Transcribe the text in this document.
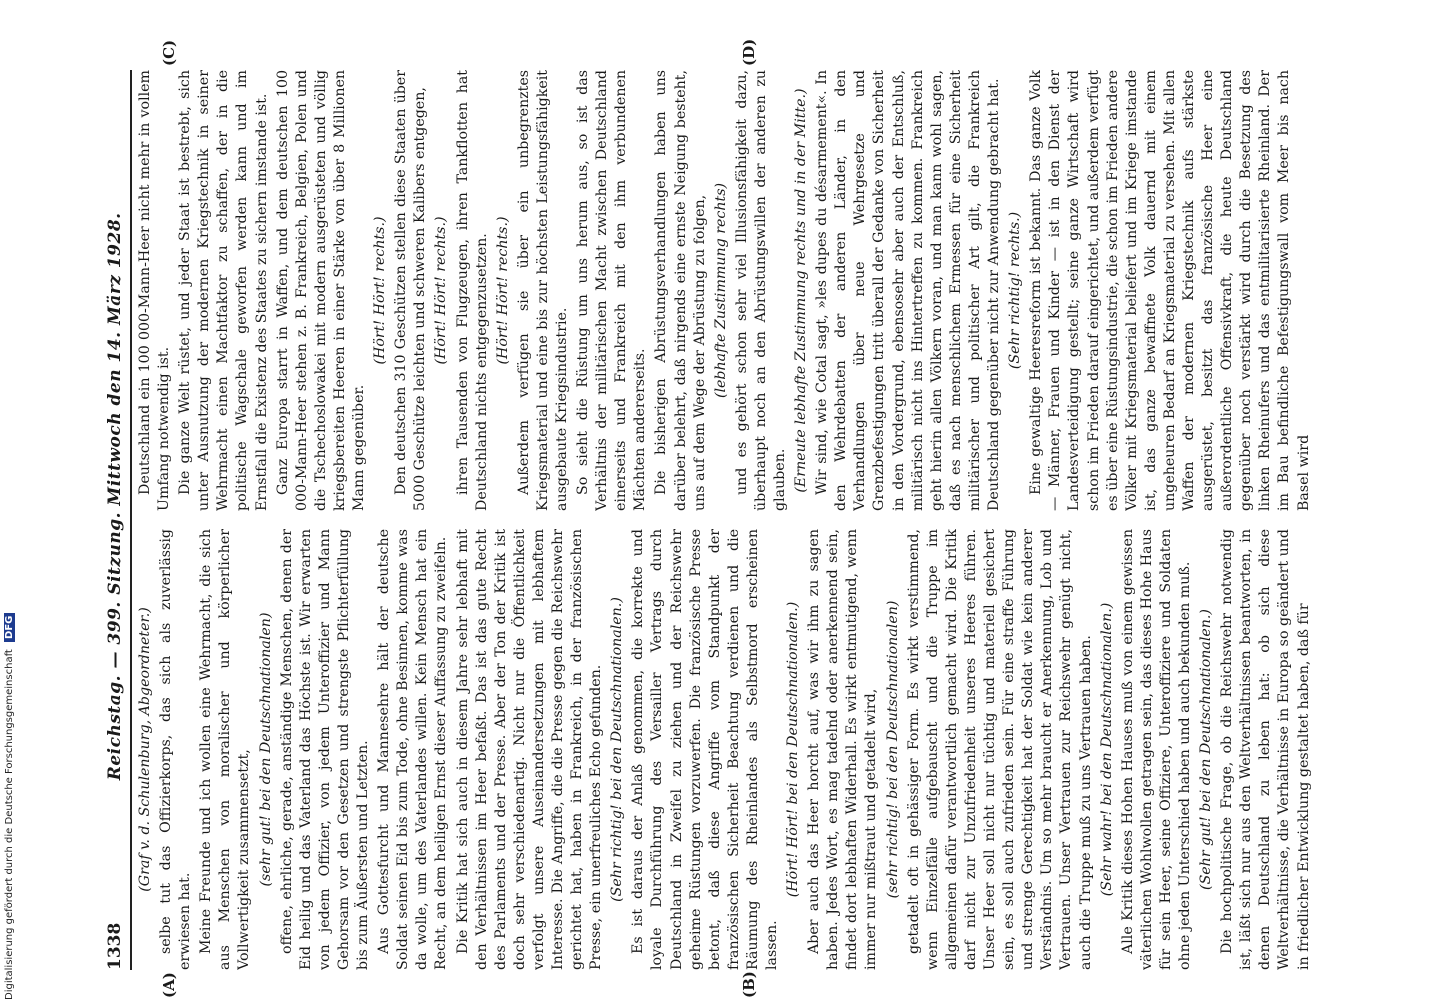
Digitalisierung gefördert durch die Deutsche Forschungsgemeinschaft DFG
1338
Reichstag. — 399. Sitzung. Mittwoch den 14. März 1928. (Graf v. d. Schulenburg, Abgeordneter.) selbe tut das Offizierkorps, das sich als zuverlässig erwiesen hat. Meine Freunde und ich wollen eine Wehrmacht, die sich aus Menschen von moralischer und körperlicher Vollwertigkeit zusammensetzt, (sehr gut! bei den Deutschnationalen) offene, ehrliche, gerade, anständige Menschen, denen der Eid heilig und das Vaterland das Höchste ist. Wir erwarten von jedem Offizier, von jedem Unteroffizier und Mann Gehorsam vor den Gesetzen und strengste Pflichterfüllung bis zum Äußersten und Letzten. Aus Gottesfurcht und Mannesehre hält der deutsche Soldat seinen Eid bis zum Tode, ohne Besinnen, komme was da wolle, um des Vaterlandes willen. Kein Mensch hat ein Recht, an dem heiligen Ernst dieser Auffassung zu zweifeln. Die Kritik hat sich auch in diesem Jahre sehr lebhaft mit den Verhältnissen im Heer befaßt. Das ist das gute Recht des Parlaments und der Presse. Aber der Ton der Kritik ist doch sehr verschiedenartig. Nicht nur die Öffentlichkeit verfolgt unsere Auseinandersetzungen mit lebhaftem Interesse. Die Angriffe, die die Presse gegen die Reichswehr gerichtet hat, haben in Frankreich, in der französischen Presse, ein unerfreuliches Echo gefunden. (Sehr richtig! bei den Deutschnationalen.) Es ist daraus der Anlaß genommen, die korrekte und loyale Durchführung des Versailler Vertrags durch Deutschland in Zweifel zu ziehen und der Reichswehr geheime Rüstungen vorzuwerfen. Die französische Presse betont, daß diese Angriffe vom Standpunkt der französischen Sicherheit Beachtung verdienen und die Räumung des Rheinlandes als Selbstmord erscheinen lassen.

(Hört! Hört! bei den Deutschnationalen.) Aber auch das Heer horcht auf, was wir ihm zu sagen haben. Jedes Wort, es mag tadelnd oder anerkennend sein, findet dort lebhaften Widerhall. Es wirkt entmutigend, wenn immer nur mißtraut und getadelt wird, (sehr richtig! bei den Deutschnationalen) getadelt oft in gehässiger Form. Es wirkt verstimmend, wenn Einzelfälle aufgebauscht und die Truppe im allgemeinen dafür verantwortlich gemacht wird. Die Kritik darf nicht zur Unzufriedenheit unseres Heeres führen. Unser Heer soll nicht nur tüchtig und materiell gesichert sein, es soll auch zufrieden sein. Für eine straffe Führung und strenge Gerechtigkeit hat der Soldat wie kein anderer Verständnis. Um so mehr braucht er Anerkennung, Lob und Vertrauen. Unser Vertrauen zur Reichswehr genügt nicht, auch die Truppe muß zu uns Vertrauen haben. (Sehr wahr! bei den Deutschnationalen.) Alle Kritik dieses Hohen Hauses muß von einem gewissen väterlichen Wohlwollen getragen sein, das dieses Hohe Haus für sein Heer, seine Offiziere, Unteroffiziere und Soldaten ohne jeden Unterschied haben und auch bekunden muß. (Sehr gut! bei den Deutschnationalen.) Die hochpolitische Frage, ob die Reichswehr notwendig ist, läßt sich nur aus den Weltverhältnissen beantworten, in denen Deutschland zu leben hat: ob sich diese Weltverhältnisse, die Verhältnisse in Europa so geändert und in friedlicher Entwicklung gestaltet haben, daß für

Deutschland ein 100 000-Mann-Heer nicht mehr in vollem Umfang notwendig ist. Die ganze Welt rüstet, und jeder Staat ist bestrebt, sich unter Ausnutzung der modernen Kriegstechnik in seiner Wehrmacht einen Machtfaktor zu schaffen, der in die politische Wagschale geworfen werden kann und im Ernstfall die Existenz des Staates zu sichern imstande ist. Ganz Europa starrt in Waffen, und dem deutschen 100 000-Mann-Heer stehen z. B. Frankreich, Belgien, Polen und die Tschechoslowakei mit modern ausgerüsteten und völlig kriegsbereiten Heeren in einer Stärke von über 8 Millionen Mann gegenüber.

(Hört! Hört! rechts.) Den deutschen 310 Geschützen stellen diese Staaten über 5000 Geschütze leichten und schweren Kalibers entgegen, (Hört! Hört! rechts.) ihren Tausenden von Flugzeugen, ihren Tankflotten hat Deutschland nichts entgegenzusetzen. (Hört! Hört! rechts.) Außerdem verfügen sie über ein unbegrenztes Kriegsmaterial und eine bis zur höchsten Leistungsfähigkeit ausgebaute Kriegsindustrie. So sieht die Rüstung um uns herum aus, so ist das Verhältnis der militärischen Macht zwischen Deutschland einerseits und Frankreich mit den ihm verbundenen Mächten andererseits. Die bisherigen Abrüstungsverhandlungen haben uns darüber belehrt, daß nirgends eine ernste Neigung besteht, uns auf dem Wege der Abrüstung zu folgen, (lebhafte Zustimmung rechts) und es gehört schon sehr viel Illusionsfähigkeit dazu, überhaupt noch an den Abrüstungswillen der anderen zu glauben. (Erneute lebhafte Zustimmung rechts und in der Mitte.) Wir sind, wie Cotal sagt, »les dupes du désarmement«. In den Wehrdebatten der anderen Länder, in den Verhandlungen über neue Wehrgesetze und Grenzbefestigungen tritt überall der Gedanke von Sicherheit in den Vordergrund, ebensosehr aber auch der Entschluß, militärisch nicht ins Hintertreffen zu kommen. Frankreich geht hierin allen Völkern voran, und man kann wohl sagen, daß es nach menschlichem Ermessen für eine Sicherheit militärischer und politischer Art gilt, die Frankreich Deutschland gegenüber nicht zur Anwendung gebracht hat. (Sehr richtig! rechts.) Eine gewaltige Heeresreform ist bekannt. Das ganze Volk — Männer, Frauen und Kinder — ist in den Dienst der Landesverteidigung gestellt; seine ganze Wirtschaft wird schon im Frieden darauf eingerichtet, und außerdem verfügt es über eine Rüstungsindustrie, die schon im Frieden andere Völker mit Kriegsmaterial beliefert und im Kriege imstande ist, das ganze bewaffnete Volk dauernd mit einem ungeheuren Bedarf an Kriegsmaterial zu versehen. Mit allen Waffen der modernen Kriegstechnik aufs stärkste ausgerüstet, besitzt das französische Heer eine außerordentliche Offensivkraft, die heute Deutschland gegenüber noch verstärkt wird durch die Besetzung des linken Rheinufers und das entmilitarisierte Rheinland. Der im Bau befindliche Befestigungswall vom Meer bis nach Basel wird

(A)	(B)
(C)	(D)
